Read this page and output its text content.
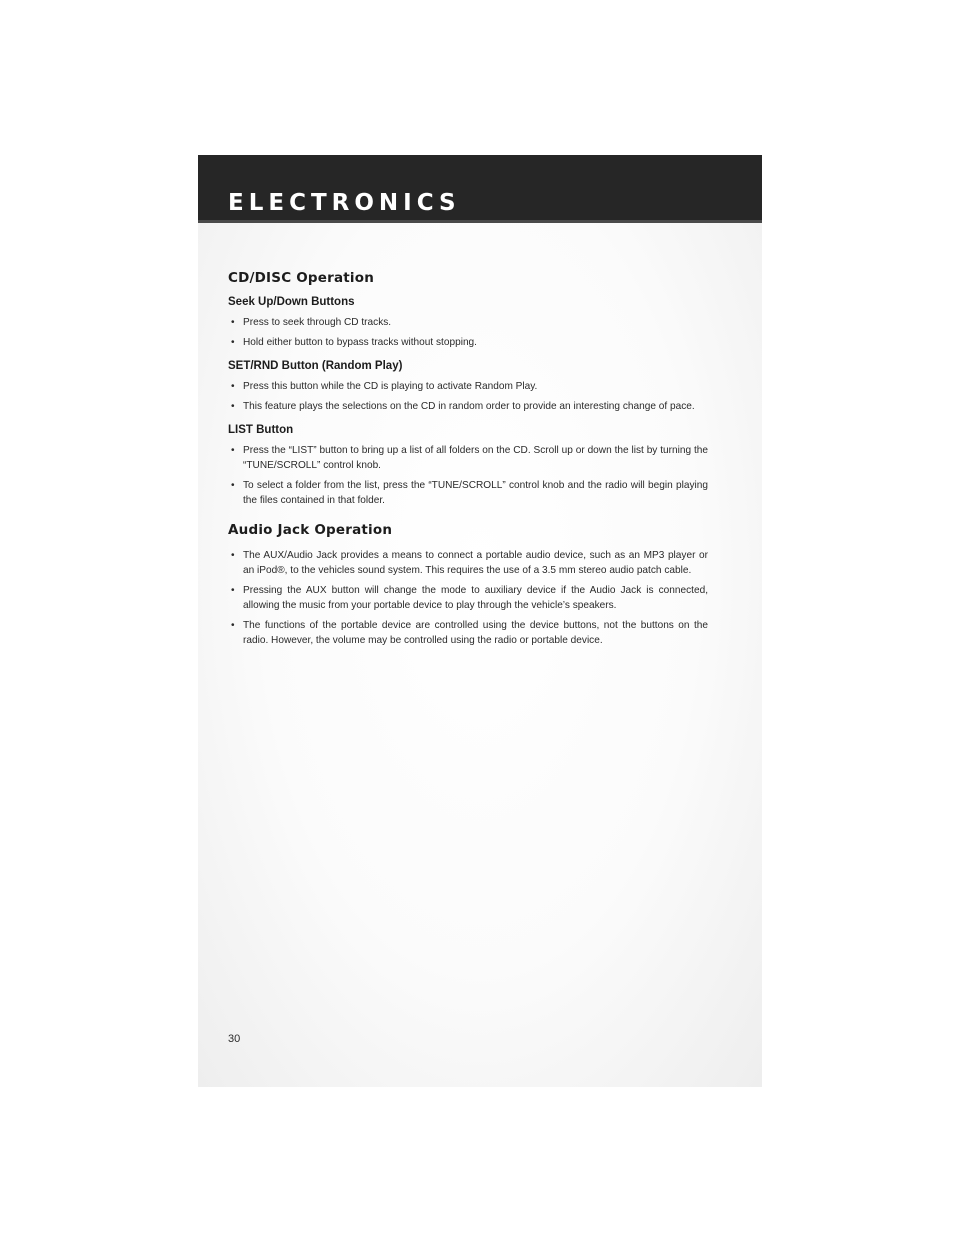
ELECTRONICS
CD/DISC Operation
Seek Up/Down Buttons
• Press to seek through CD tracks.
• Hold either button to bypass tracks without stopping.
SET/RND Button (Random Play)
• Press this button while the CD is playing to activate Random Play.
• This feature plays the selections on the CD in random order to provide an interesting change of pace.
LIST Button
• Press the “LIST” button to bring up a list of all folders on the CD. Scroll up or down the list by turning the “TUNE/SCROLL” control knob.
• To select a folder from the list, press the “TUNE/SCROLL” control knob and the radio will begin playing the files contained in that folder.
Audio Jack Operation
• The AUX/Audio Jack provides a means to connect a portable audio device, such as an MP3 player or an iPod®, to the vehicles sound system. This requires the use of a 3.5 mm stereo audio patch cable.
• Pressing the AUX button will change the mode to auxiliary device if the Audio Jack is connected, allowing the music from your portable device to play through the vehicle’s speakers.
• The functions of the portable device are controlled using the device buttons, not the buttons on the radio. However, the volume may be controlled using the radio or portable device.
30
